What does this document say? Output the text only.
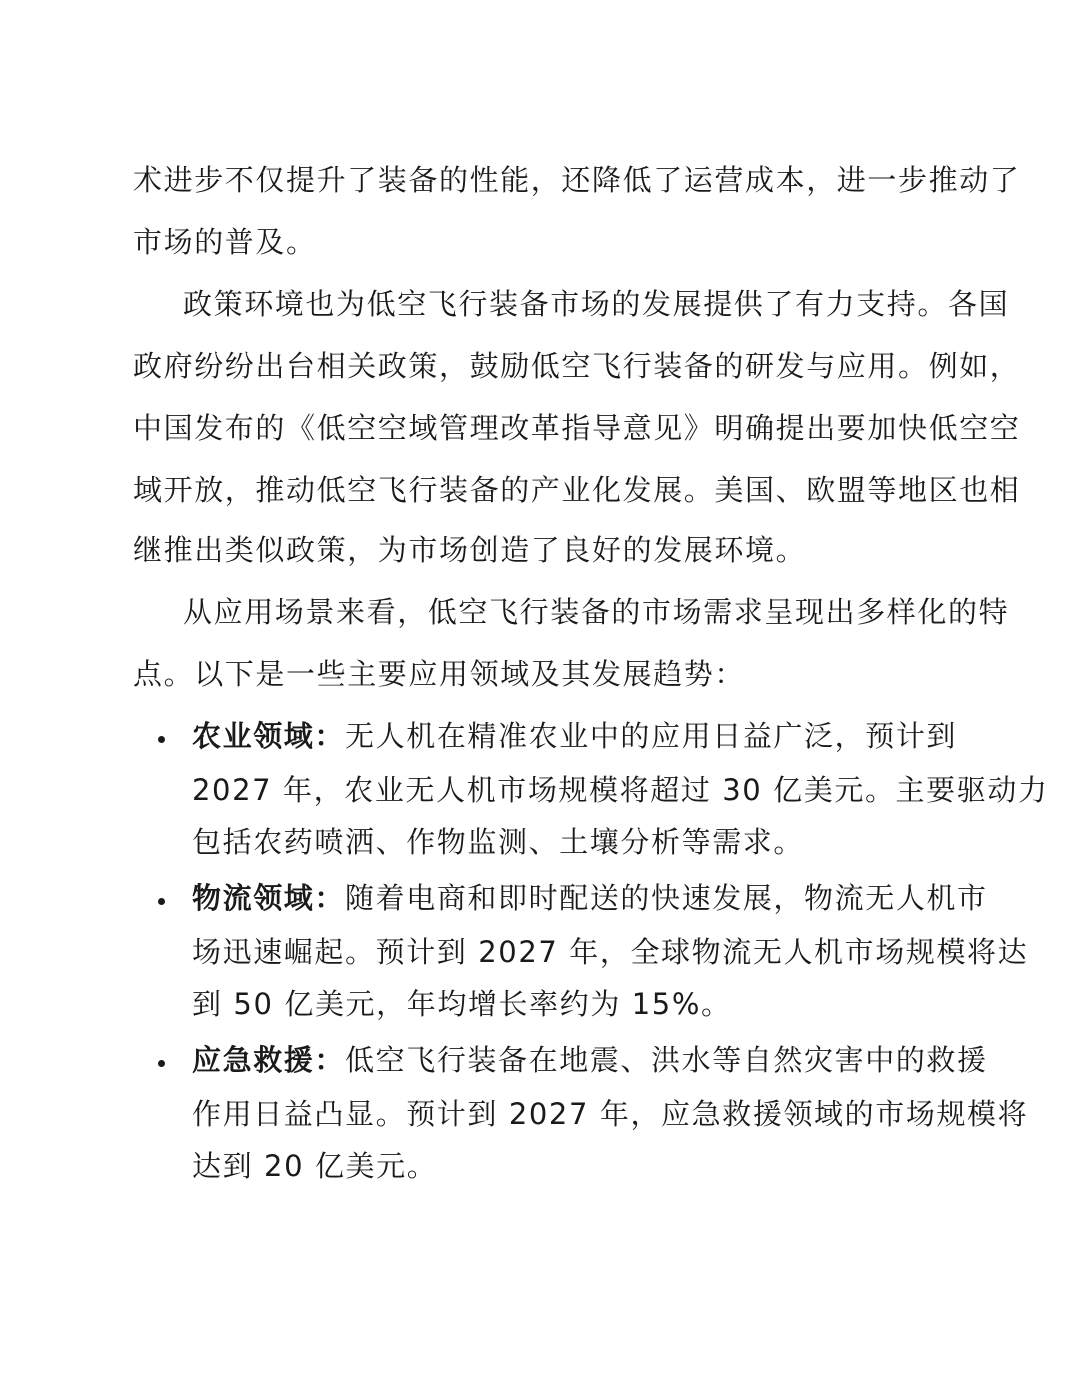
术进步不仅提升了装备的性能，还降低了运营成本，进一步推动了
市场的普及。
政策环境也为低空飞行装备市场的发展提供了有力支持。各国
政府纷纷出台相关政策，鼓励低空飞行装备的研发与应用。例如，
中国发布的《低空空域管理改革指导意见》明确提出要加快低空空
域开放，推动低空飞行装备的产业化发展。美国、欧盟等地区也相
继推出类似政策，为市场创造了良好的发展环境。
从应用场景来看，低空飞行装备的市场需求呈现出多样化的特
点。以下是一些主要应用领域及其发展趋势：
农业领域：无人机在精准农业中的应用日益广泛，预计到
2027 年，农业无人机市场规模将超过 30 亿美元。主要驱动力
包括农药喷洒、作物监测、土壤分析等需求。
物流领域：随着电商和即时配送的快速发展，物流无人机市
场迅速崛起。预计到 2027 年，全球物流无人机市场规模将达
到 50 亿美元，年均增长率约为 15%。
应急救援：低空飞行装备在地震、洪水等自然灾害中的救援
作用日益凸显。预计到 2027 年，应急救援领域的市场规模将
达到 20 亿美元。
